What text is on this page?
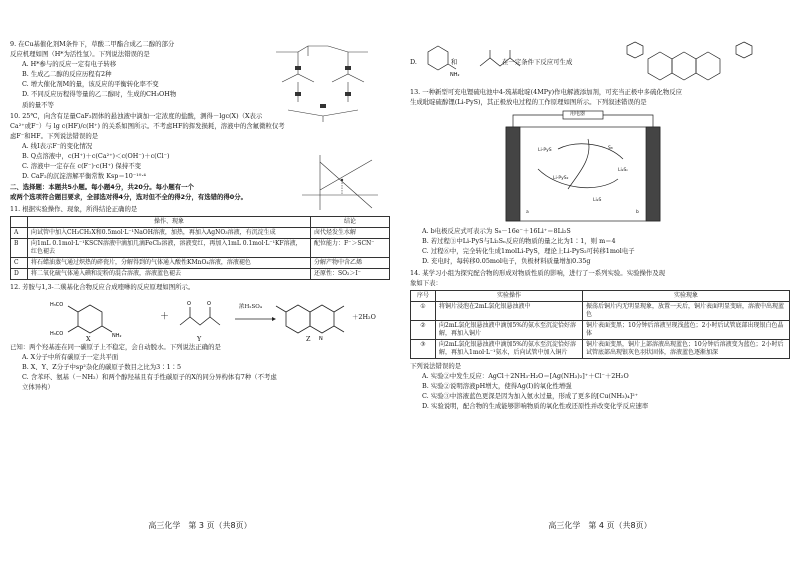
9. 在Cu基催化剂M条件下，草酸二甲酯合成乙二醇的部分

反应机理如图（H*为活性氢）。下列说法错误的是

A. H*参与的反应一定有电子转移

B. 生成乙二醇的反应历程有2种

C. 增大催化剂M的量，该反应的平衡转化率不变

D. 不同反应历程得等量的乙二醇时，生成的CH₃OH物

质的量不等

10. 25℃，向含有足量CaF₂固体的悬浊液中滴加一定浓度的盐酸，测得－lgc(X)（X表示

Ca²⁺或F⁻）与 lg c(HF)/c(H⁺) 的关系如图所示。不考虑HF的挥发损耗，溶液中的含氟微粒仅考

虑F⁻和HF。下列说法错误的是

A. 线Ⅰ表示F⁻的变化情况

B. Q点溶液中，c(H⁺)＋c(Ca²⁺)＜c(OH⁻)＋c(Cl⁻)

C. 溶液中一定存在 c(F⁻)·c(H⁺) 保持不变

D. CaF₂的沉淀溶解平衡常数 Ksp＝10⁻¹⁰·⁴

二、选择题：本题共5小题。每小题4分，共20分。每小题有一个

或两个选项符合题目要求，全部选对得4分，选对但不全的得2分，有选错的得0分。

11. 根据实验操作、现象，所得结论正确的是

	操作、现象	结论
A	向试管中加入CH₃CH₂X和0.5mol·L⁻¹NaOH溶液，加热，再加入AgNO₃溶液，有沉淀生成	卤代烃发生水解
B	向1mL 0.1mol·L⁻¹KSCN溶液中滴加几滴FeCl₃溶液，溶液变红，再加入1mL 0.1mol·L⁻¹KF溶液，红色褪去	配位能力：F⁻＞SCN⁻
C	将石蜡油蒸气通过炽热的碎瓷片，分解得到的气体通入酸性KMnO₄溶液，溶液褪色	分解产物中含乙烯
D	将二氧化硫气体通入碘和淀粉的混合溶液，溶液蓝色褪去	还原性：SO₂＞I⁻

12. 芳胺与1,3-二羰基化合物反应合成喹啉的反应原理如图所示。

H₃CO
H₃CO	NH₂
＋
O	O
N
浓H₂SO₄
X	Y	Z
＋2H₂O

已知：两个羟基连在同一碳原子上不稳定，会自动脱水。下列说法正确的是

A. X分子中所有碳原子一定共平面

B. X、Y、Z分子中sp²杂化的碳原子数目之比为3∶1∶5

C. 含苯环、氨基（－NH₂）和两个醇羟基且有手性碳原子的X的同分异构体有7种（不考虑

立体异构）

高三化学　第 3 页（共8页）

D. 　　　　　和　　　　　　　在一定条件下反应可生成

NH₂

13. 一种新型可充电锂硫电池中4-巯基吡啶(4MPy)作电解液添加剂，可充当正极中多硫化物反应

生成吡啶硫醇锂(Li-PyS)，其正极放电过程的工作原理如图所示。下列叙述错误的是

Li-PyS	S₈
Li₂Sₙ
Li-PyS₂
Li₂S
a	b
用电器

A. b电极反应式可表示为 S₈－16e⁻＋16Li⁺＝8Li₂S

B. 若过程③中Li-PyS与Li₂Sₙ反应的物质的量之比为1∶1，则 m＝4

C. 过程⑥中，完全转化生成1molLi-PyS，理论上Li-PyS₂可转移1mol电子

D. 充电时，每转移0.05mol电子，负极材料质量增加0.35g

14. 某学习小组为探究配合物的形成对物质性质的影响，进行了一系列实验。实验操作及现

象如下表：

序号	实验操作	实验现象
①	将铜片浸泡在2mL氯化银悬浊液中	振荡后铜片内无明显现象，放置一天后，铜片表面明显变暗，溶液中出现蓝色
②	向2mL氯化银悬浊液中滴加5%的氨水至沉淀恰好溶解，再加入铜片	铜片表面变黑；10分钟后溶液呈现浅蓝色；2小时后试管底部出现银白色晶体
③	向2mL氯化银悬浊液中滴加5%的氨水至沉淀恰好溶解，再加入1mol·L⁻¹氨水，后向试管中加入铜片	铜片表面变黑，铜片上部溶液出现蓝色；10分钟后溶液变为蓝色；2小时后试管底部出现银灰色羽状固体，溶液蓝色逐渐加深

下列说法错误的是

A. 实验②中发生反应：AgCl＋2NH₃·H₂O＝[Ag(NH₃)₂]⁺＋Cl⁻＋2H₂O

B. 实验②说明溶液pH增大，使得Ag(Ⅰ)的氧化性增强

C. 实验③中溶液蓝色更深是因为加入氨水过量，形成了更多的[Cu(NH₃)₄]²⁺

D. 实验说明，配合物的生成能够影响物质的氧化性或还原性并改变化学反应速率

高三化学　第 4 页（共8页）
